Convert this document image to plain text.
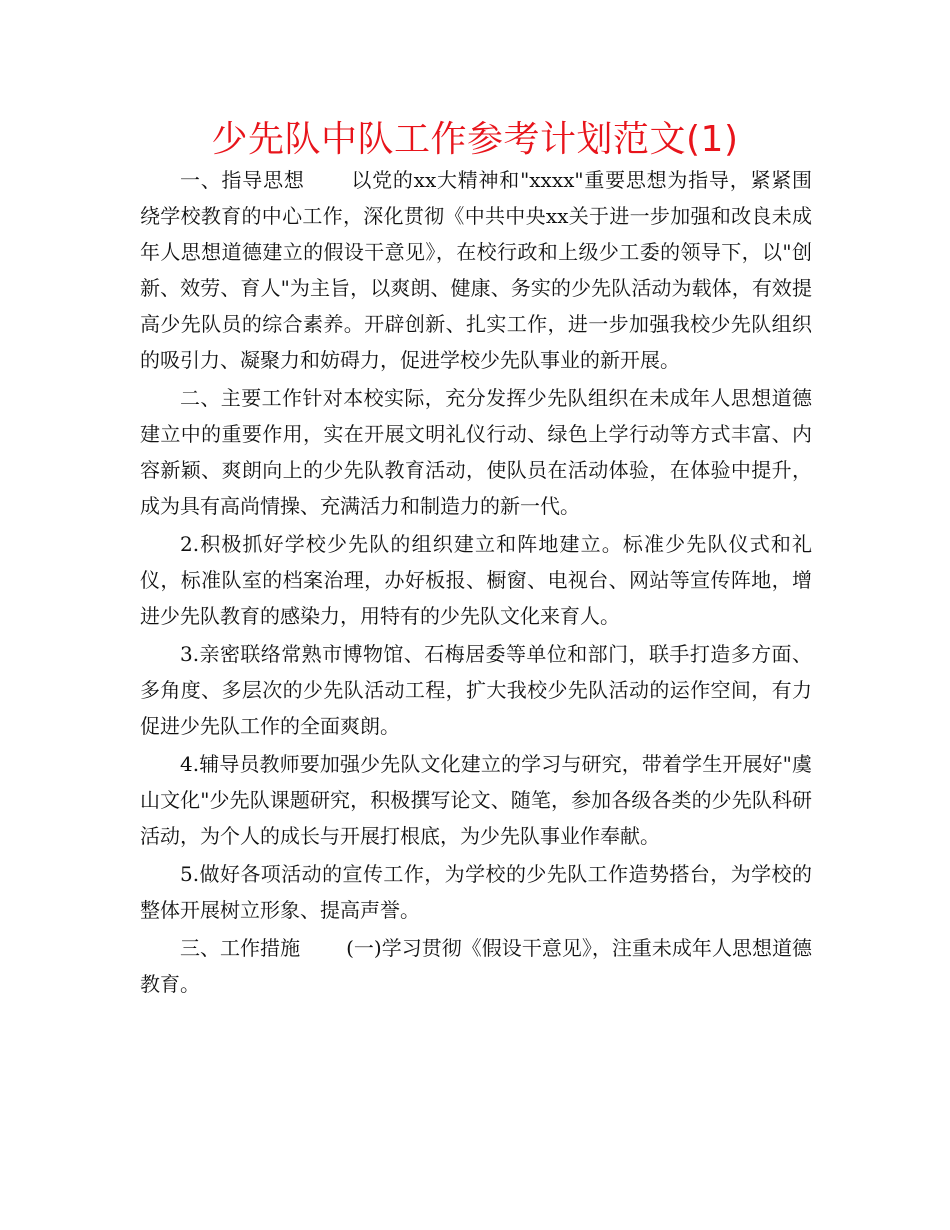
少先队中队工作参考计划范文(1)

一、指导思想 以党的xx大精神和"xxxx"重要思想为指导，紧紧围绕学校教育的中心工作，深化贯彻《中共中央xx关于进一步加强和改良未成年人思想道德建立的假设干意见》，在校行政和上级少工委的领导下，以"创新、效劳、育人"为主旨，以爽朗、健康、务实的少先队活动为载体，有效提高少先队员的综合素养。开辟创新、扎实工作，进一步加强我校少先队组织的吸引力、凝聚力和妨碍力，促进学校少先队事业的新开展。

二、主要工作针对本校实际，充分发挥少先队组织在未成年人思想道德建立中的重要作用，实在开展文明礼仪行动、绿色上学行动等方式丰富、内容新颖、爽朗向上的少先队教育活动，使队员在活动体验，在体验中提升，成为具有高尚情操、充满活力和制造力的新一代。

2.积极抓好学校少先队的组织建立和阵地建立。标准少先队仪式和礼仪，标准队室的档案治理，办好板报、橱窗、电视台、网站等宣传阵地，增进少先队教育的感染力，用特有的少先队文化来育人。

3.亲密联络常熟市博物馆、石梅居委等单位和部门，联手打造多方面、多角度、多层次的少先队活动工程，扩大我校少先队活动的运作空间，有力促进少先队工作的全面爽朗。

4.辅导员教师要加强少先队文化建立的学习与研究，带着学生开展好"虞山文化"少先队课题研究，积极撰写论文、随笔，参加各级各类的少先队科研活动，为个人的成长与开展打根底，为少先队事业作奉献。

5.做好各项活动的宣传工作，为学校的少先队工作造势搭台，为学校的整体开展树立形象、提高声誉。

三、工作措施 (一)学习贯彻《假设干意见》，注重未成年人思想道德教育。
